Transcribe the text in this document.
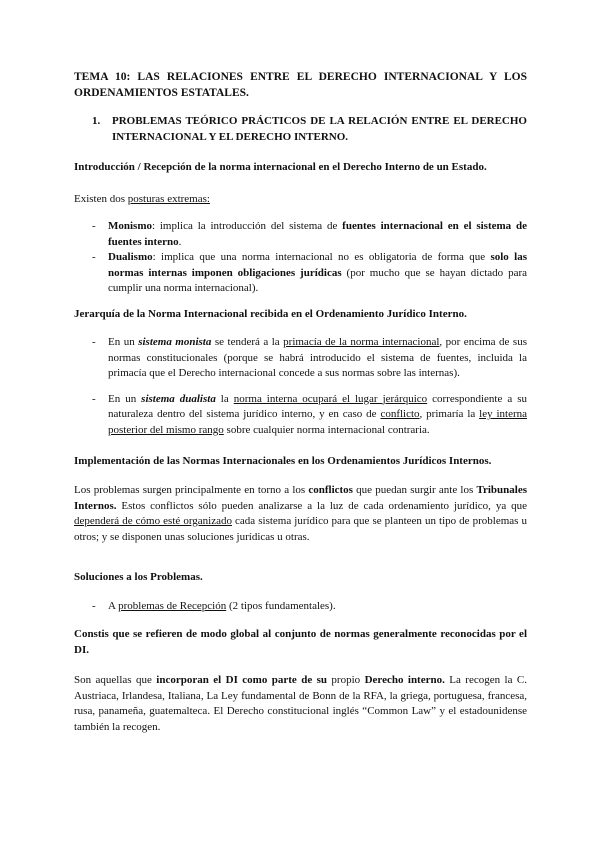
TEMA 10: LAS RELACIONES ENTRE EL DERECHO INTERNACIONAL Y LOS ORDENAMIENTOS ESTATALES.
1. PROBLEMAS TEÓRICO PRÁCTICOS DE LA RELACIÓN ENTRE EL DERECHO INTERNACIONAL Y EL DERECHO INTERNO.
Introducción / Recepción de la norma internacional en el Derecho Interno de un Estado.
Existen dos posturas extremas:
- Monismo: implica la introducción del sistema de fuentes internacional en el sistema de fuentes interno.
- Dualismo: implica que una norma internacional no es obligatoria de forma que solo las normas internas imponen obligaciones jurídicas (por mucho que se hayan dictado para cumplir una norma internacional).
Jerarquía de la Norma Internacional recibida en el Ordenamiento Jurídico Interno.
- En un sistema monista se tenderá a la primacía de la norma internacional, por encima de sus normas constitucionales (porque se habrá introducido el sistema de fuentes, incluida la primacía que el Derecho internacional concede a sus normas sobre las internas).
- En un sistema dualista la norma interna ocupará el lugar jerárquico correspondiente a su naturaleza dentro del sistema jurídico interno, y en caso de conflicto, primaría la ley interna posterior del mismo rango sobre cualquier norma internacional contraria.
Implementación de las Normas Internacionales en los Ordenamientos Jurídicos Internos.
Los problemas surgen principalmente en torno a los conflictos que puedan surgir ante los Tribunales Internos. Estos conflictos sólo pueden analizarse a la luz de cada ordenamiento jurídico, ya que dependerá de cómo esté organizado cada sistema jurídico para que se planteen un tipo de problemas u otros; y se disponen unas soluciones jurídicas u otras.
Soluciones a los Problemas.
- A problemas de Recepción (2 tipos fundamentales).
Constis que se refieren de modo global al conjunto de normas generalmente reconocidas por el DI.
Son aquellas que incorporan el DI como parte de su propio Derecho interno. La recogen la C. Austriaca, Irlandesa, Italiana, La Ley fundamental de Bonn de la RFA, la griega, portuguesa, francesa, rusa, panameña, guatemalteca. El Derecho constitucional inglés “Common Law” y el estadounidense también la recogen.
